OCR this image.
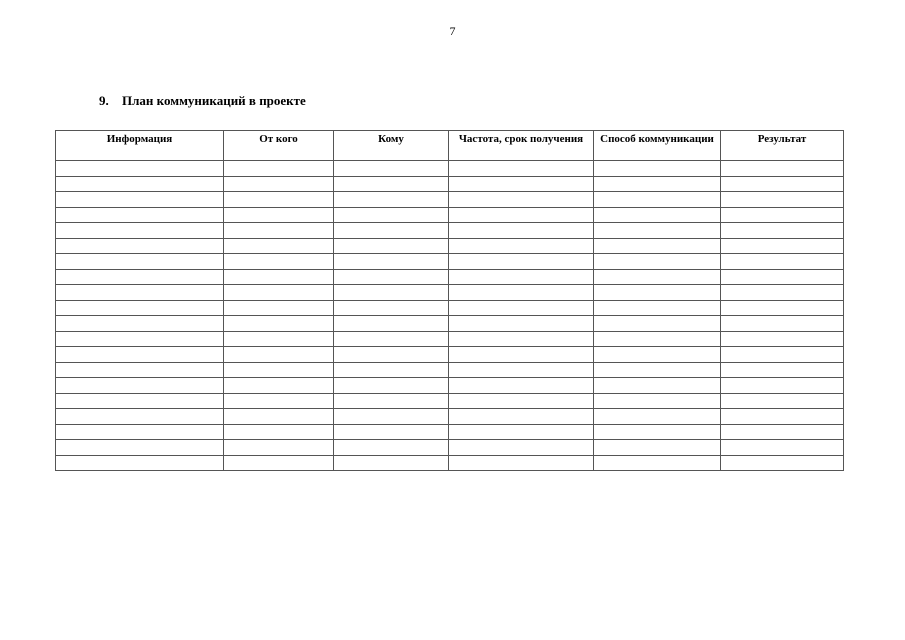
7
9. План коммуникаций в проекте
Информация	От кого	Кому	Частота, срок получения	Способ коммуникации	Результат
